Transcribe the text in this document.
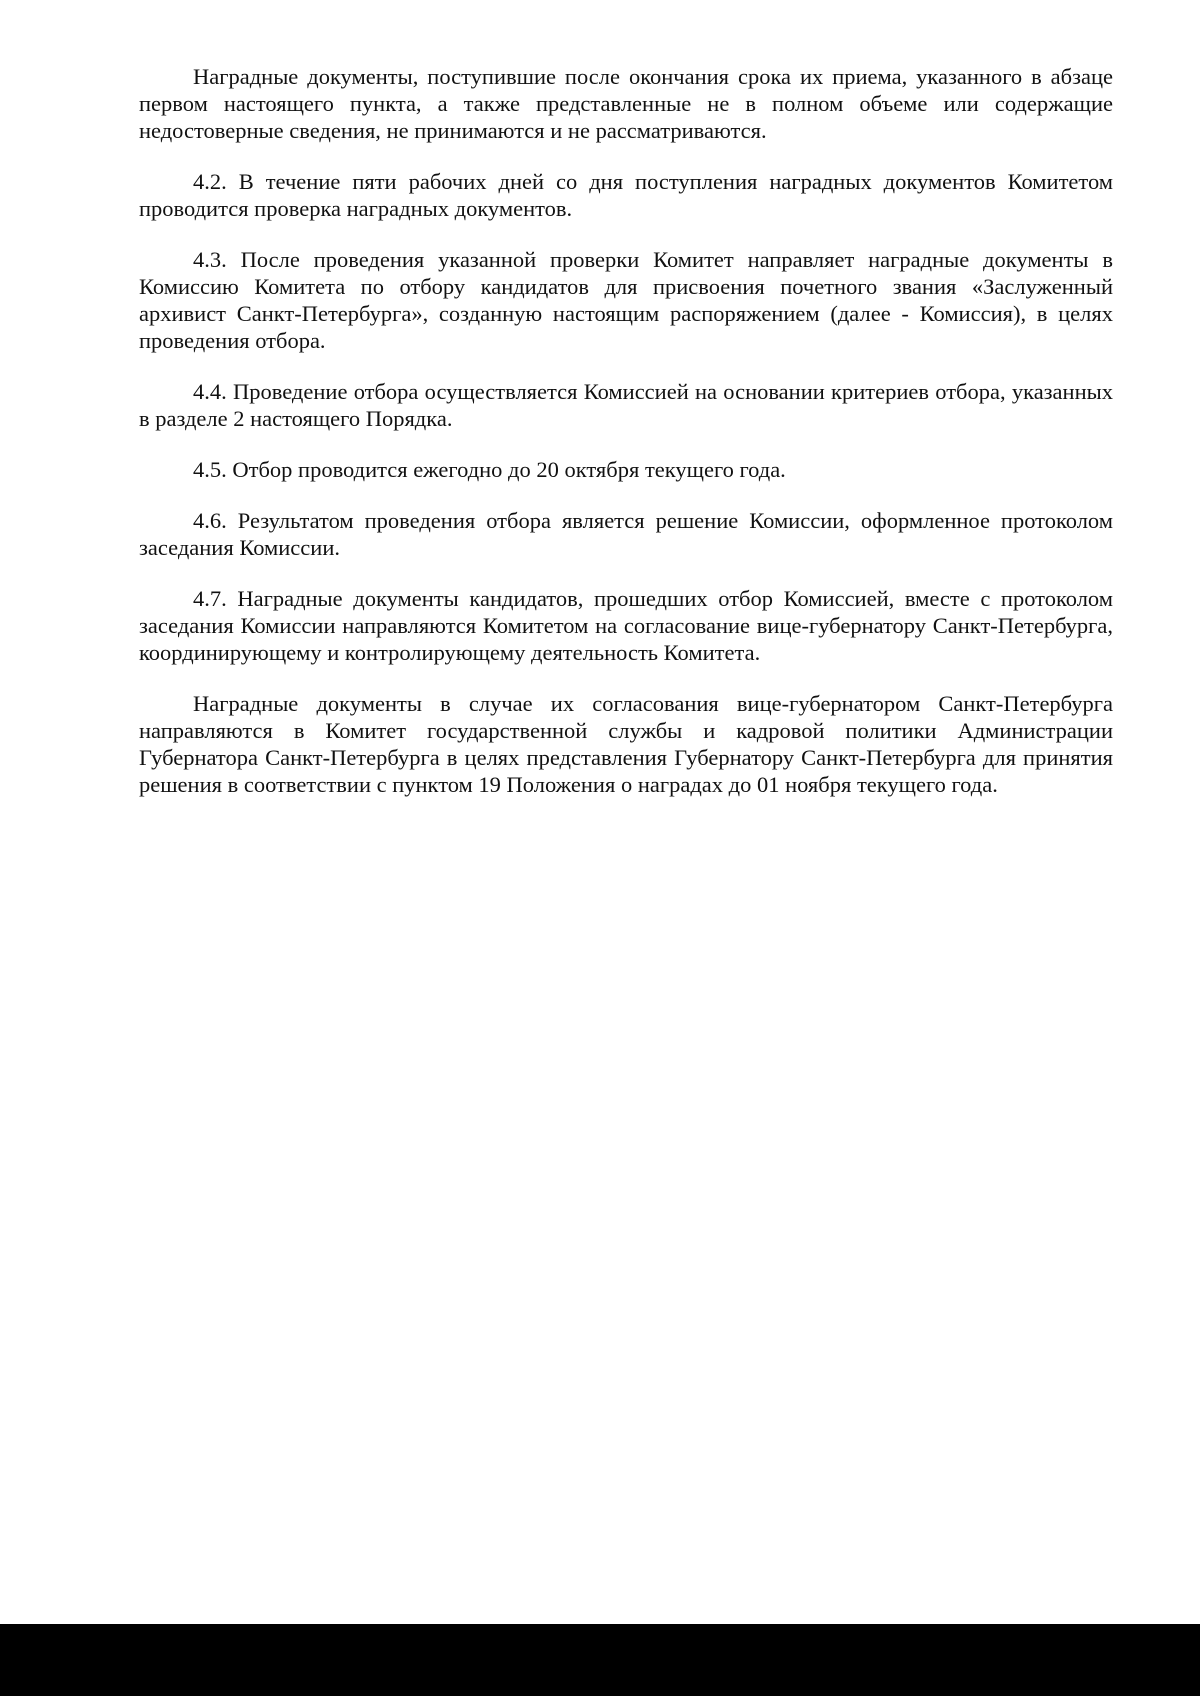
Наградные документы, поступившие после окончания срока их приема, указанного в абзаце первом настоящего пункта, а также представленные не в полном объеме или содержащие недостоверные сведения, не принимаются и не рассматриваются.

4.2. В течение пяти рабочих дней со дня поступления наградных документов Комитетом проводится проверка наградных документов.

4.3. После проведения указанной проверки Комитет направляет наградные документы в Комиссию Комитета по отбору кандидатов для присвоения почетного звания «Заслуженный архивист Санкт-Петербурга», созданную настоящим распоряжением (далее - Комиссия), в целях проведения отбора.

4.4. Проведение отбора осуществляется Комиссией на основании критериев отбора, указанных в разделе 2 настоящего Порядка.

4.5. Отбор проводится ежегодно до 20 октября текущего года.

4.6. Результатом проведения отбора является решение Комиссии, оформленное протоколом заседания Комиссии.

4.7. Наградные документы кандидатов, прошедших отбор Комиссией, вместе с протоколом заседания Комиссии направляются Комитетом на согласование вице-губернатору Санкт-Петербурга, координирующему и контролирующему деятельность Комитета.

Наградные документы в случае их согласования вице-губернатором Санкт-Петербурга направляются в Комитет государственной службы и кадровой политики Администрации Губернатора Санкт-Петербурга в целях представления Губернатору Санкт-Петербурга для принятия решения в соответствии с пунктом 19 Положения о наградах до 01 ноября текущего года.
